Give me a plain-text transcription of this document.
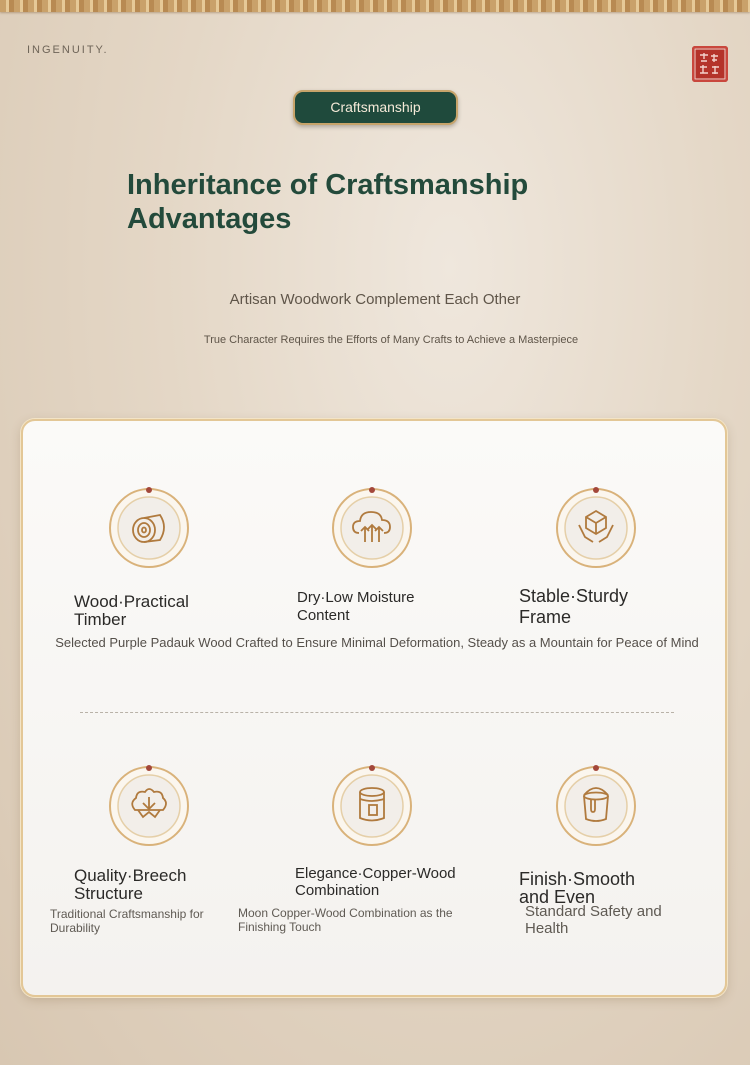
INGENUITY.
Craftsmanship
Inheritance of Craftsmanship
Advantages
Artisan Woodwork Complement Each Other
True Character Requires the Efforts of Many Crafts to Achieve a Masterpiece
Wood·Practical
Timber
Dry·Low Moisture
Content
Stable·Sturdy
Frame
Selected Purple Padauk Wood Crafted to Ensure Minimal Deformation, Steady as a Mountain for Peace of Mind
Quality·Breech
Structure
Traditional Craftsmanship for
Durability
Elegance·Copper-Wood
Combination
Moon Copper-Wood Combination as the
Finishing Touch
Finish·Smooth
and Even
Standard Safety and
Health
